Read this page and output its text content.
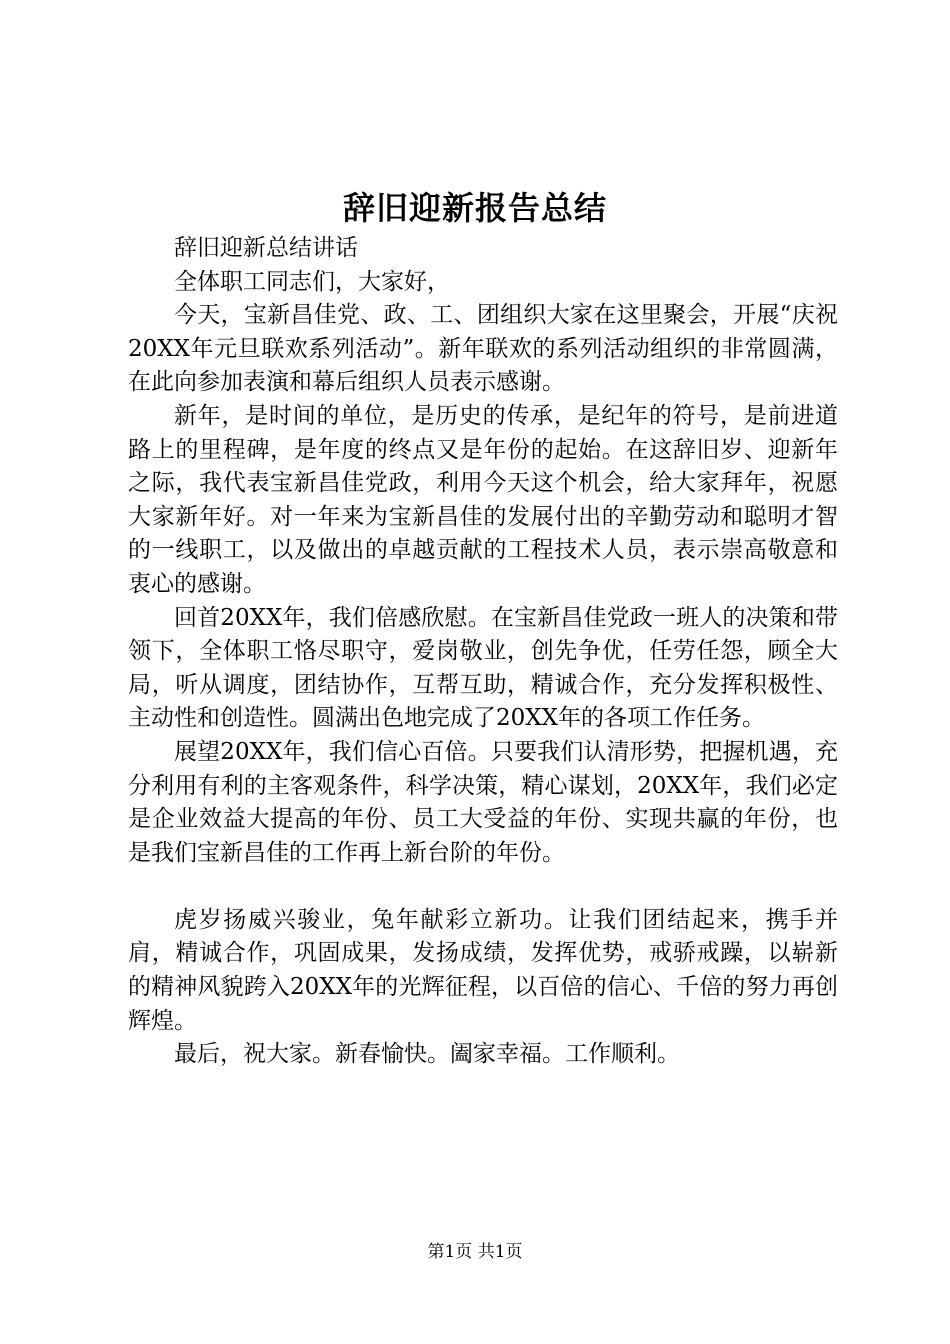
辞旧迎新报告总结

辞旧迎新总结讲话

全体职工同志们，大家好，

今天，宝新昌佳党、政、工、团组织大家在这里聚会，开展“庆祝20XX年元旦联欢系列活动”。新年联欢的系列活动组织的非常圆满，在此向参加表演和幕后组织人员表示感谢。

新年，是时间的单位，是历史的传承，是纪年的符号，是前进道路上的里程碑，是年度的终点又是年份的起始。在这辞旧岁、迎新年之际，我代表宝新昌佳党政，利用今天这个机会，给大家拜年，祝愿大家新年好。对一年来为宝新昌佳的发展付出的辛勤劳动和聪明才智的一线职工，以及做出的卓越贡献的工程技术人员，表示崇高敬意和衷心的感谢。

回首20XX年，我们倍感欣慰。在宝新昌佳党政一班人的决策和带领下，全体职工恪尽职守，爱岗敬业，创先争优，任劳任怨，顾全大局，听从调度，团结协作，互帮互助，精诚合作，充分发挥积极性、主动性和创造性。圆满出色地完成了20XX年的各项工作任务。

展望20XX年，我们信心百倍。只要我们认清形势，把握机遇，充分利用有利的主客观条件，科学决策，精心谋划，20XX年，我们必定是企业效益大提高的年份、员工大受益的年份、实现共赢的年份，也是我们宝新昌佳的工作再上新台阶的年份。

虎岁扬威兴骏业，兔年献彩立新功。让我们团结起来，携手并肩，精诚合作，巩固成果，发扬成绩，发挥优势，戒骄戒躁，以崭新的精神风貌跨入20XX年的光辉征程，以百倍的信心、千倍的努力再创辉煌。

最后，祝大家。新春愉快。阖家幸福。工作顺利。

第1页 共1页
